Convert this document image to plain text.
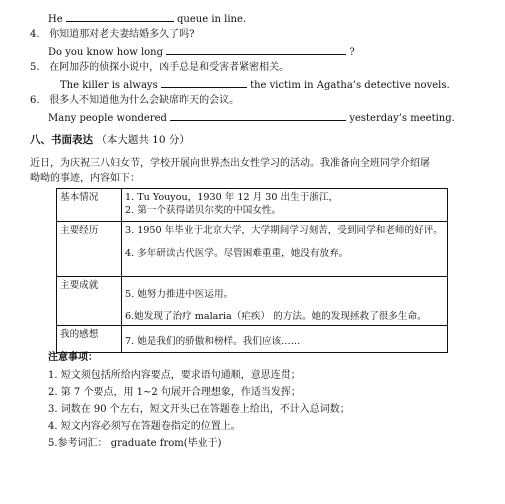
He	queue in line.
4. 你知道那对老夫妻结婚多久了吗?
Do you know how long	?
5. 在阿加莎的侦探小说中，凶手总是和受害者紧密相关。
The killer is always	the victim in Agatha’s detective novels.
6. 很多人不知道他为什么会缺席昨天的会议。
Many people wondered	yesterday’s meeting.
八、书面表达 （本大题共 10 分）
近日，为庆祝三八妇女节，学校开展向世界杰出女性学习的活动。我准备向全班同学介绍屠
呦呦的事迹，内容如下：
基本情况	1. Tu Youyou，1930 年 12 月 30 出生于浙江，
2. 第一个获得诺贝尔奖的中国女性。

主要经历	3. 1950 年毕业于北京大学，大学期间学习刻苦，受到同学和老师的好评。
4. 多年研读古代医学。尽管困难重重，她没有放弃。

主要成就	5. 她努力推进中医运用。
6.她发现了治疗 malaria（疟疾） 的方法。她的发现拯救了很多生命。

我的感想	7. 她是我们的骄傲和榜样。我们应该……
注意事项：
1. 短文须包括所给内容要点，要求语句通顺，意思连贯；
2. 第 7 个要点，用 1~2 句展开合理想象，作适当发挥；
3. 词数在 90 个左右，短文开头已在答题卷上给出，不计入总词数；
4. 短文内容必须写在答题卷指定的位置上。
5.参考词汇： graduate from(毕业于)
